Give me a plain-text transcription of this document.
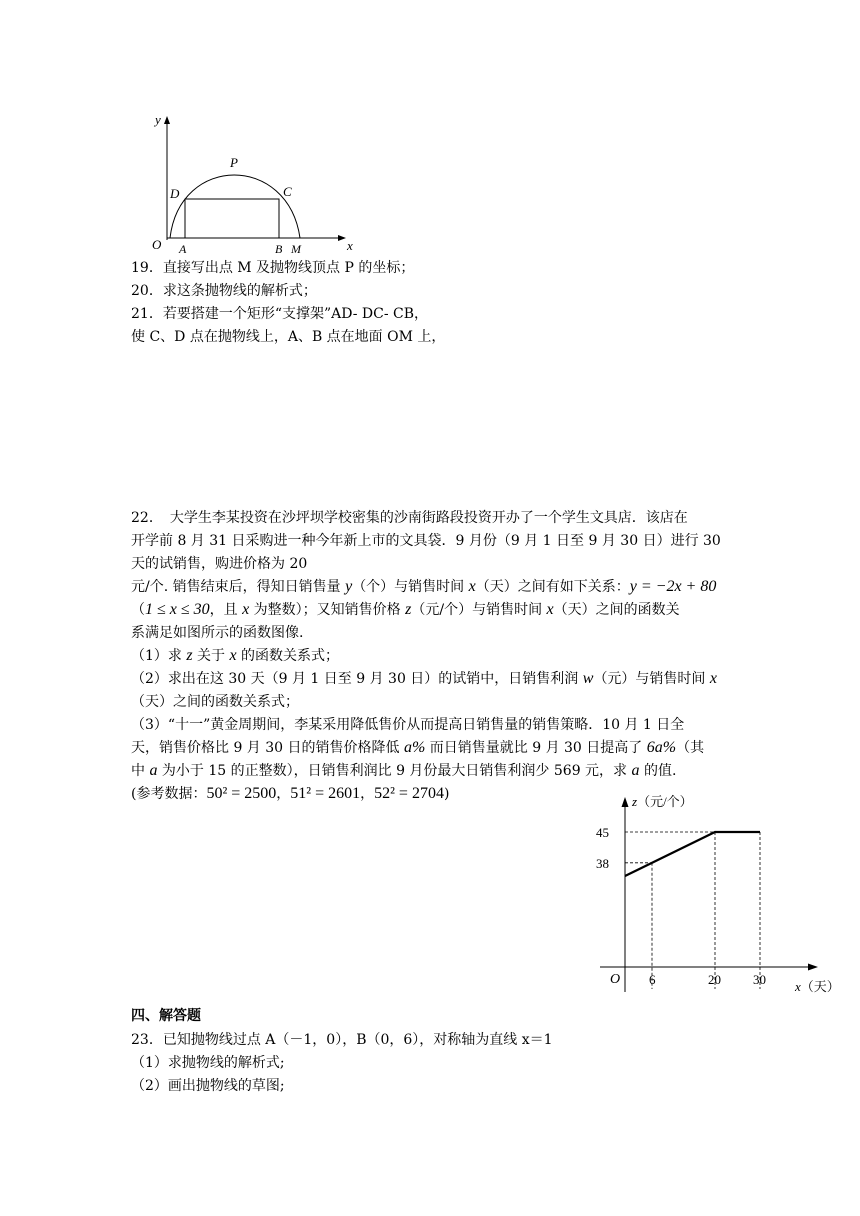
y
P
D	C
O A	B M	x
19．直接写出点 M 及抛物线顶点 P 的坐标；
20．求这条抛物线的解析式；
21．若要搭建一个矩形“支撑架”AD- DC- CB，
使 C、D 点在抛物线上，A、B 点在地面 OM 上，
22．　大学生李某投资在沙坪坝学校密集的沙南街路段投资开办了一个学生文具店．该店在
开学前 8 月 31 日采购进一种今年新上市的文具袋．9 月份（9 月 1 日至 9 月 30 日）进行 30
天的试销售，购进价格为 20
元/个. 销售结束后，得知日销售量 y（个）与销售时间 x（天）之间有如下关系：y = −2x + 80
（1 ≤ x ≤ 30，且 x 为整数）；又知销售价格 z（元/个）与销售时间 x（天）之间的函数关
系满足如图所示的函数图像.
（1）求 z 关于 x 的函数关系式；
（2）求出在这 30 天（9 月 1 日至 9 月 30 日）的试销中，日销售利润 w（元）与销售时间 x
（天）之间的函数关系式；
（3）“十一”黄金周期间，李某采用降低售价从而提高日销售量的销售策略．10 月 1 日全
天，销售价格比 9 月 30 日的销售价格降低 a% 而日销售量就比 9 月 30 日提高了 6a%（其
中 a 为小于 15 的正整数），日销售利润比 9 月份最大日销售利润少 569 元，求 a 的值.
(参考数据：50² = 2500，51² = 2601，52² = 2704)
6	20 30
38
45
O
z（元/个）
x（天）
四、解答题
23．已知抛物线过点 A（－1，0），B（0，6），对称轴为直线 x＝1
（1）求抛物线的解析式;
（2）画出抛物线的草图;
